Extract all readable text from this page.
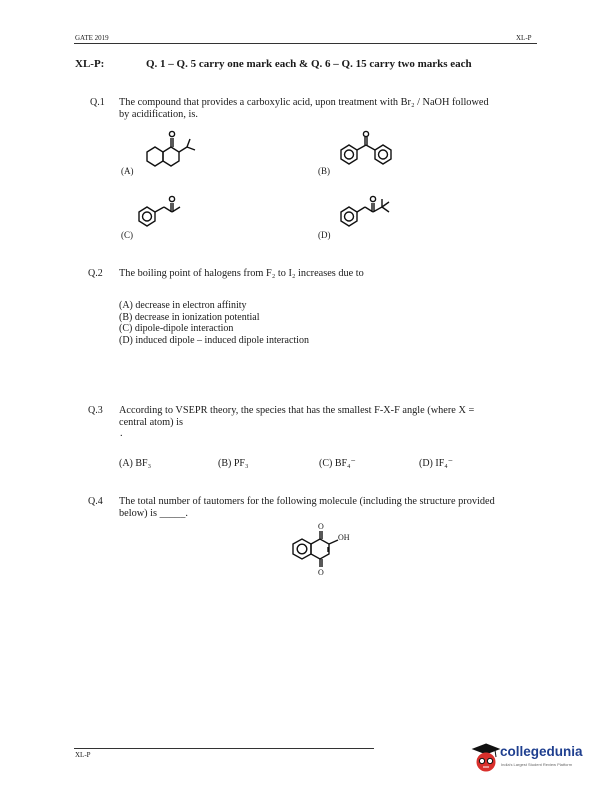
GATE 2019	XL-P
XL-P:	Q. 1 – Q. 5 carry one mark each & Q. 6 – Q. 15 carry two marks each
Q.1 The compound that provides a carboxylic acid, upon treatment with Br₂ / NaOH followed
by acidification, is.
(A)	(B)
(C)	(D)
Q.2 The boiling point of halogens from F₂ to I₂ increases due to
(A) decrease in electron affinity
(B) decrease in ionization potential
(C) dipole-dipole interaction
(D) induced dipole – induced dipole interaction
Q.3 According to VSEPR theory, the species that has the smallest F-X-F angle (where X =
central atom) is
.
(A) BF₃	(B) PF₃	(C) BF₄⁻	(D) IF₄⁻
Q.4 The total number of tautomers for the following molecule (including the structure provided
below) is _____.
O
O
OH
XL-P	collegedunia
India's Largest Student Review Platform
